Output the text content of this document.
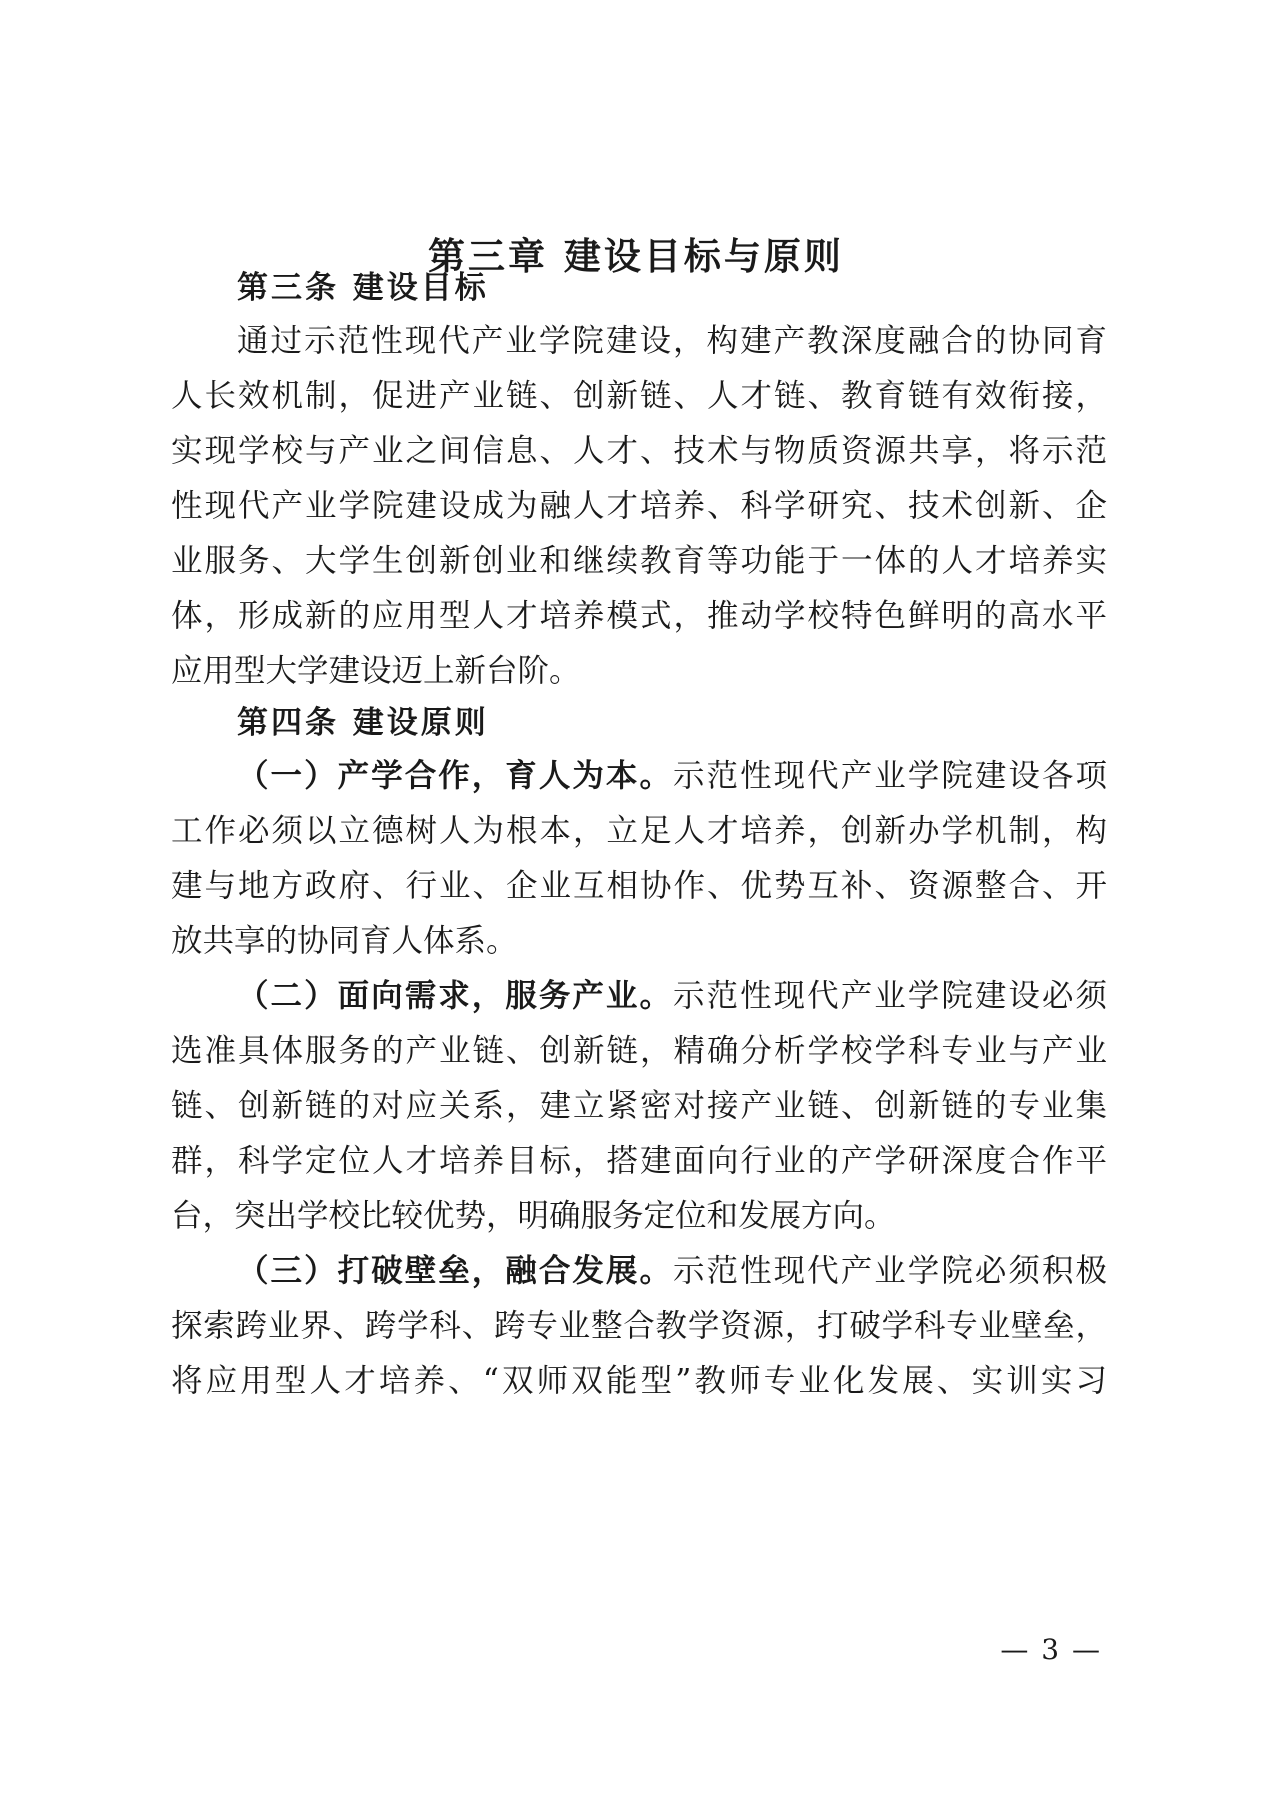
第三章 建设目标与原则
第三条 建设目标
通过示范性现代产业学院建设，构建产教深度融合的协同育
人长效机制，促进产业链、创新链、人才链、教育链有效衔接，
实现学校与产业之间信息、人才、技术与物质资源共享，将示范
性现代产业学院建设成为融人才培养、科学研究、技术创新、企
业服务、大学生创新创业和继续教育等功能于一体的人才培养实
体，形成新的应用型人才培养模式，推动学校特色鲜明的高水平
应用型大学建设迈上新台阶。
第四条 建设原则
（一）产学合作，育人为本。示范性现代产业学院建设各项
工作必须以立德树人为根本，立足人才培养，创新办学机制，构
建与地方政府、行业、企业互相协作、优势互补、资源整合、开
放共享的协同育人体系。
（二）面向需求，服务产业。示范性现代产业学院建设必须
选准具体服务的产业链、创新链，精确分析学校学科专业与产业
链、创新链的对应关系，建立紧密对接产业链、创新链的专业集
群，科学定位人才培养目标，搭建面向行业的产学研深度合作平
台，突出学校比较优势，明确服务定位和发展方向。
（三）打破壁垒，融合发展。示范性现代产业学院必须积极
探索跨业界、跨学科、跨专业整合教学资源，打破学科专业壁垒，
将应用型人才培养、“双师双能型”教师专业化发展、实训实习
— 3 —
